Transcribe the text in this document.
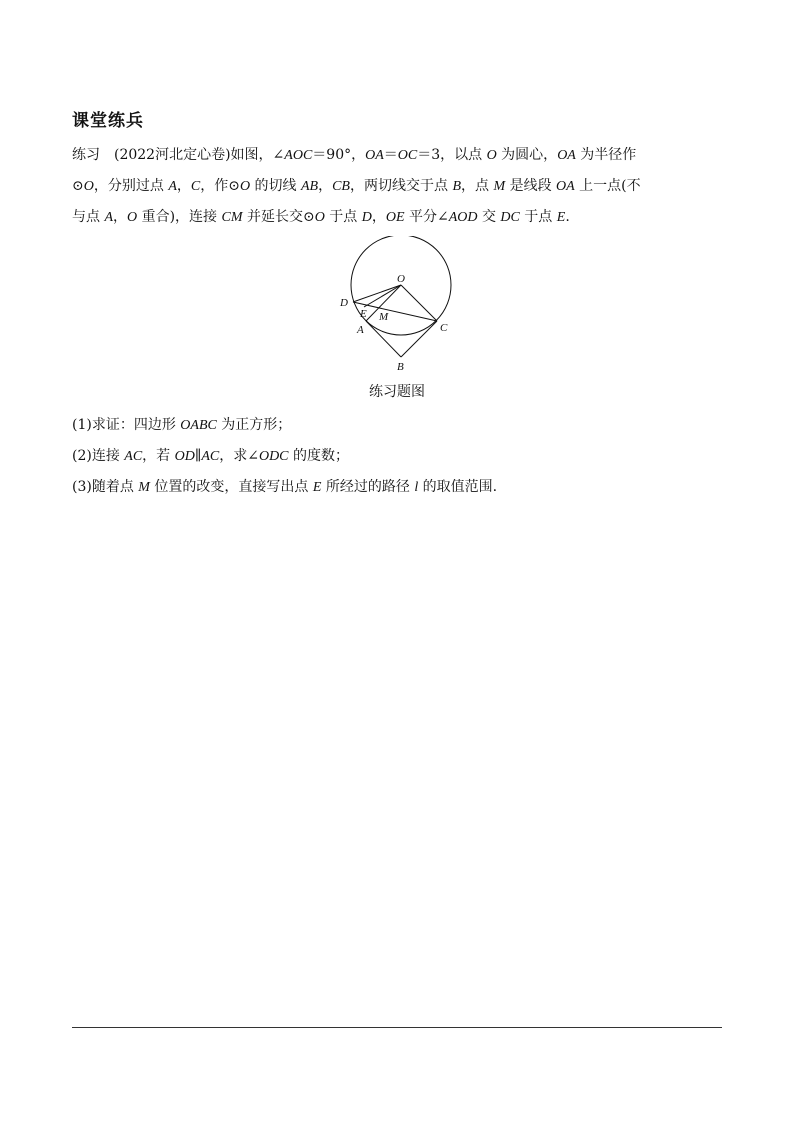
课堂练兵
练习　(2022河北定心卷)如图，∠AOC＝90°，OA＝OC＝3，以点 O 为圆心，OA 为半径作
⊙O，分别过点 A，C，作⊙O 的切线 AB，CB，两切线交于点 B，点 M 是线段 OA 上一点(不
与点 A，O 重合)，连接 CM 并延长交⊙O 于点 D，OE 平分∠AOD 交 DC 于点 E.
O
D
E M
A	C
B
练习题图
(1)求证：四边形 OABC 为正方形；
(2)连接 AC，若 OD∥AC，求∠ODC 的度数；
(3)随着点 M 位置的改变，直接写出点 E 所经过的路径 l 的取值范围.
